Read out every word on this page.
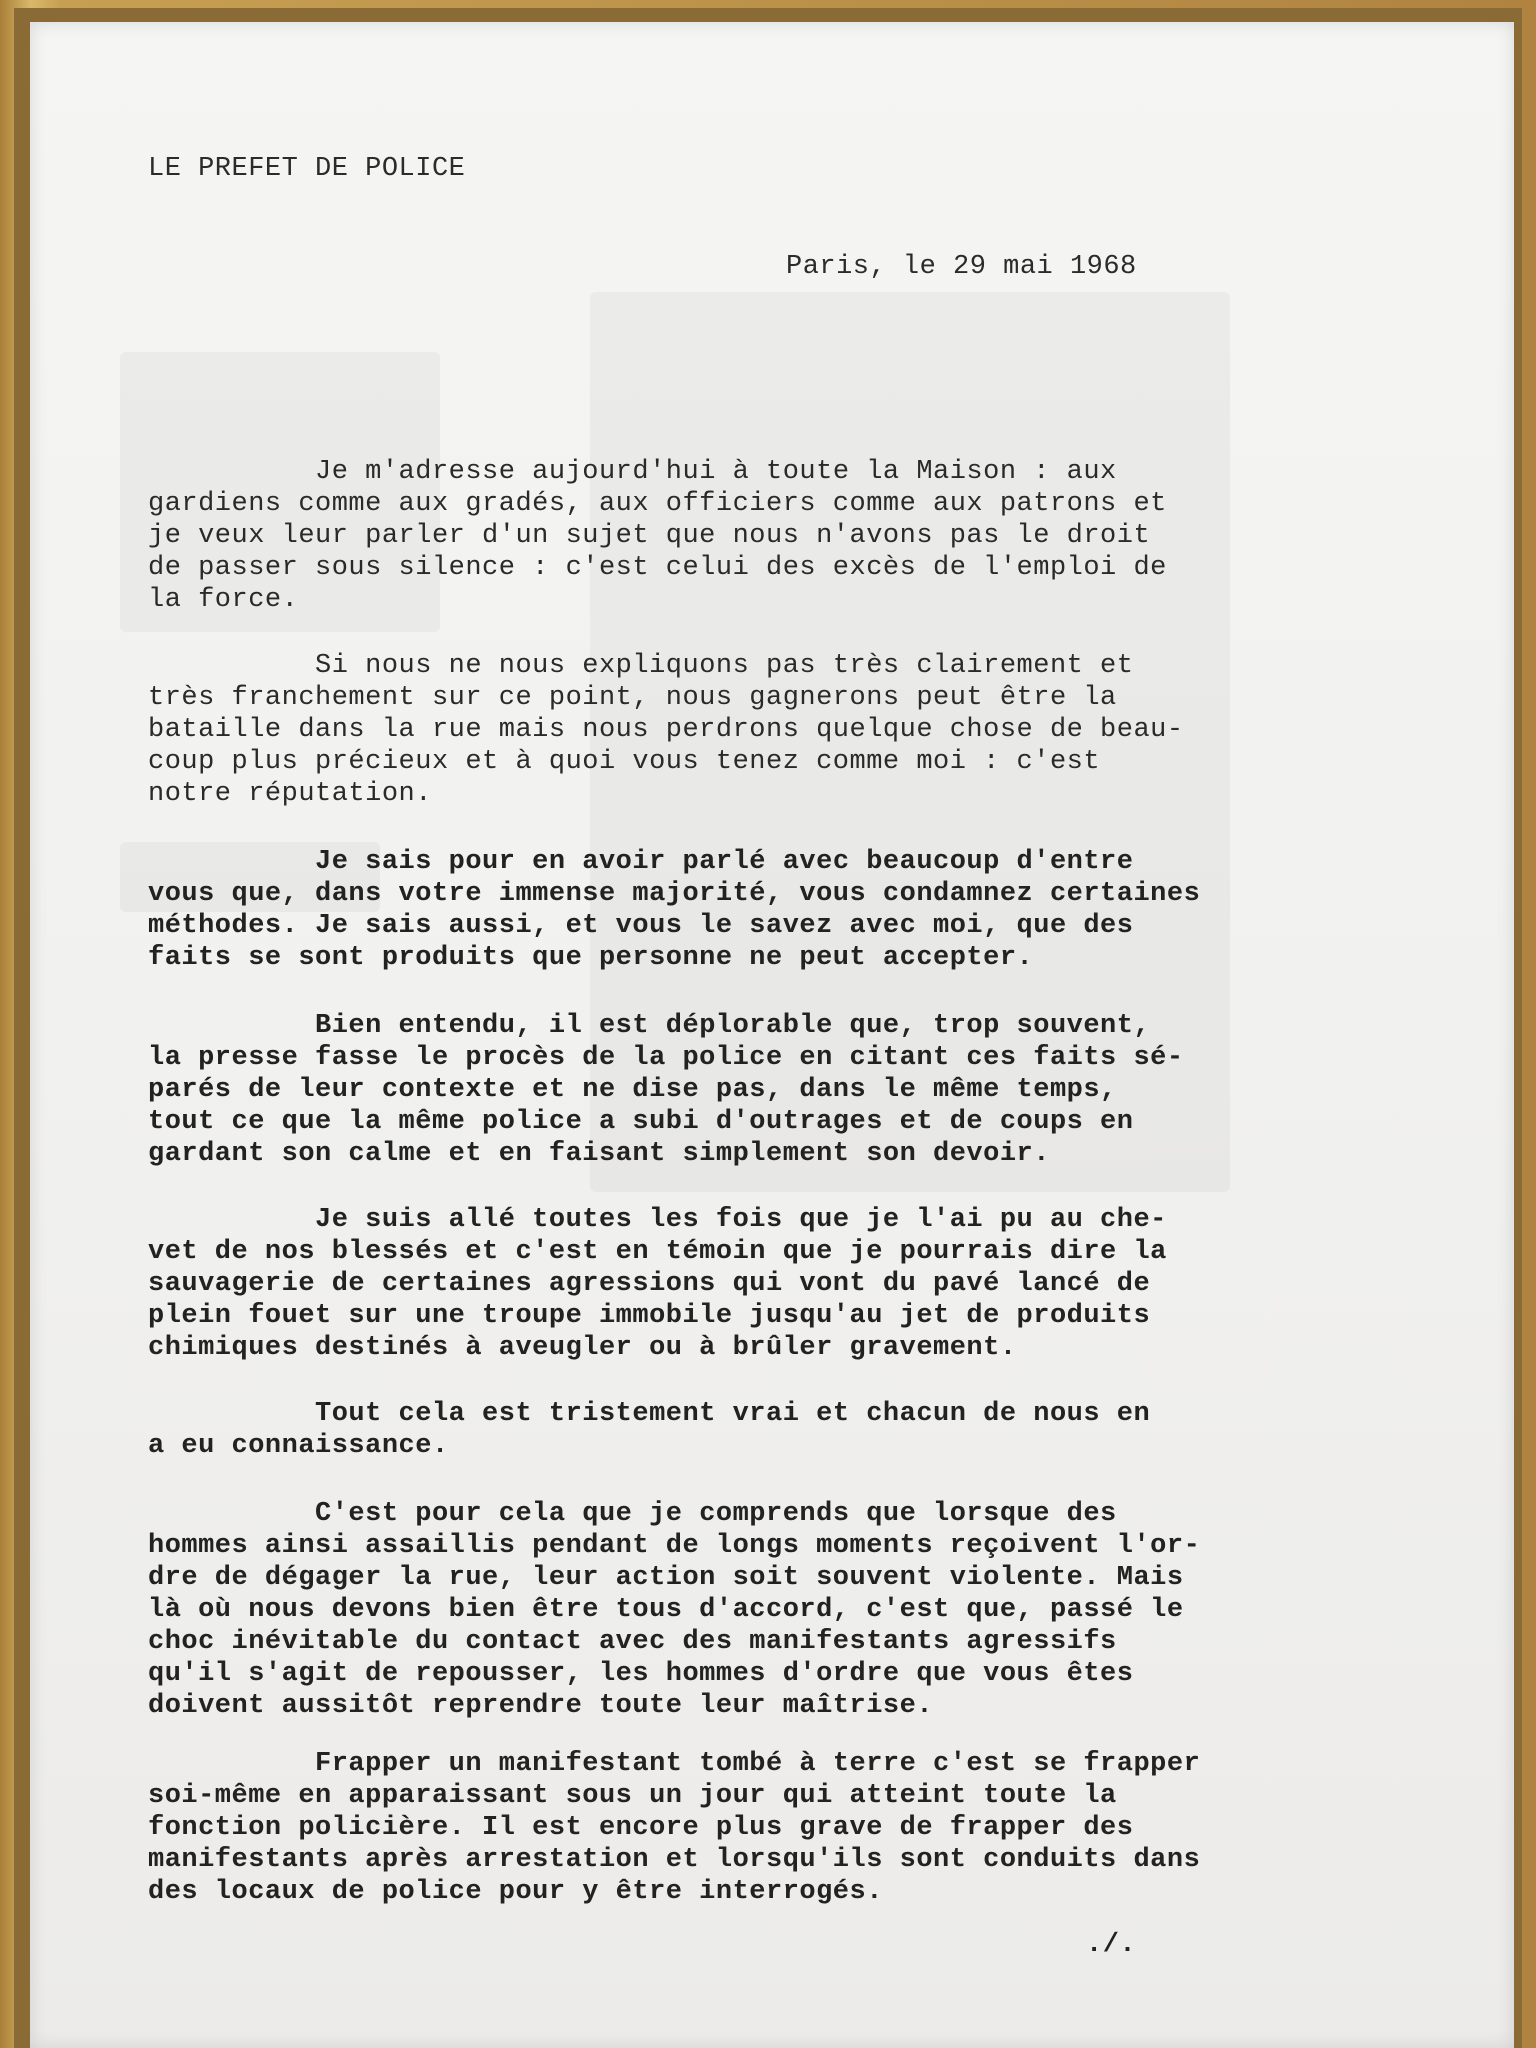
LE PREFET DE POLICE
Paris, le 29 mai 1968
Je m'adresse aujourd'hui à toute la Maison : aux
gardiens comme aux gradés, aux officiers comme aux patrons et
je veux leur parler d'un sujet que nous n'avons pas le droit
de passer sous silence : c'est celui des excès de l'emploi de
la force.
Si nous ne nous expliquons pas très clairement et
très franchement sur ce point, nous gagnerons peut être la
bataille dans la rue mais nous perdrons quelque chose de beau-
coup plus précieux et à quoi vous tenez comme moi : c'est
notre réputation.
Je sais pour en avoir parlé avec beaucoup d'entre
vous que, dans votre immense majorité, vous condamnez certaines
méthodes. Je sais aussi, et vous le savez avec moi, que des
faits se sont produits que personne ne peut accepter.
Bien entendu, il est déplorable que, trop souvent,
la presse fasse le procès de la police en citant ces faits sé-
parés de leur contexte et ne dise pas, dans le même temps,
tout ce que la même police a subi d'outrages et de coups en
gardant son calme et en faisant simplement son devoir.
Je suis allé toutes les fois que je l'ai pu au che-
vet de nos blessés et c'est en témoin que je pourrais dire la
sauvagerie de certaines agressions qui vont du pavé lancé de
plein fouet sur une troupe immobile jusqu'au jet de produits
chimiques destinés à aveugler ou à brûler gravement.
Tout cela est tristement vrai et chacun de nous en
a eu connaissance.
C'est pour cela que je comprends que lorsque des
hommes ainsi assaillis pendant de longs moments reçoivent l'or-
dre de dégager la rue, leur action soit souvent violente. Mais
là où nous devons bien être tous d'accord, c'est que, passé le
choc inévitable du contact avec des manifestants agressifs
qu'il s'agit de repousser, les hommes d'ordre que vous êtes
doivent aussitôt reprendre toute leur maîtrise.
Frapper un manifestant tombé à terre c'est se frapper
soi-même en apparaissant sous un jour qui atteint toute la
fonction policière. Il est encore plus grave de frapper des
manifestants après arrestation et lorsqu'ils sont conduits dans
des locaux de police pour y être interrogés.
./.
